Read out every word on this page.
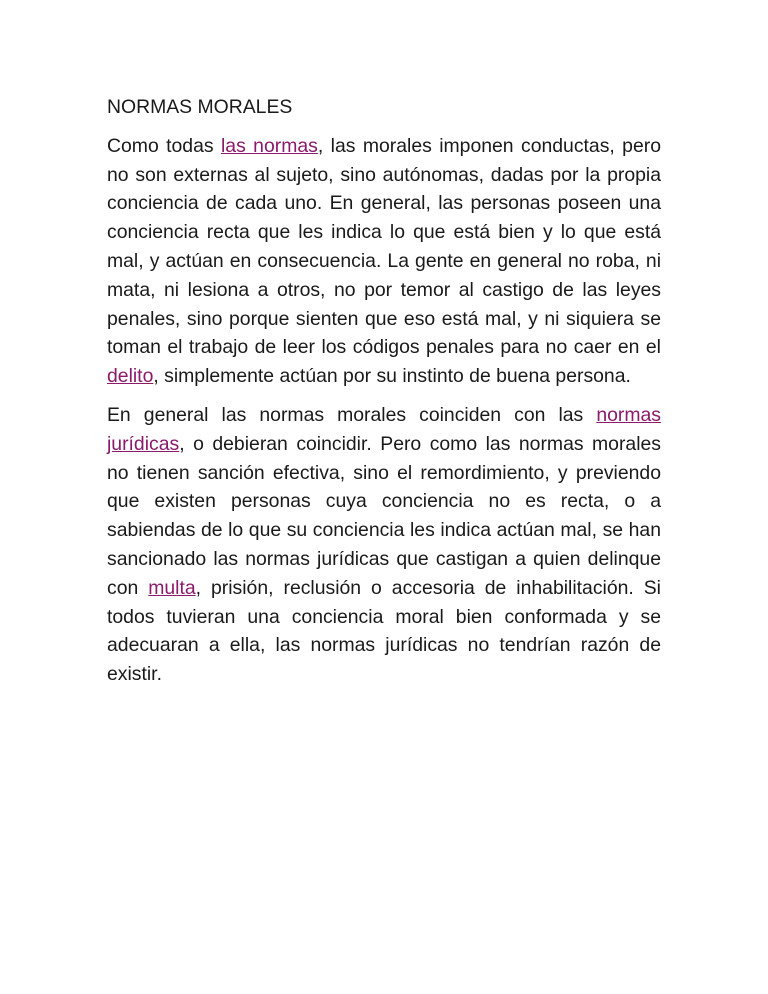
NORMAS MORALES

Como todas las normas, las morales imponen conductas, pero no son externas al sujeto, sino autónomas, dadas por la propia conciencia de cada uno. En general, las personas poseen una conciencia recta que les indica lo que está bien y lo que está mal, y actúan en consecuencia. La gente en general no roba, ni mata, ni lesiona a otros, no por temor al castigo de las leyes penales, sino porque sienten que eso está mal, y ni siquiera se toman el trabajo de leer los códigos penales para no caer en el delito, simplemente actúan por su instinto de buena persona.

En general las normas morales coinciden con las normas jurídicas, o debieran coincidir. Pero como las normas morales no tienen sanción efectiva, sino el remordimiento, y previendo que existen personas cuya conciencia no es recta, o a sabiendas de lo que su conciencia les indica actúan mal, se han sancionado las normas jurídicas que castigan a quien delinque con multa, prisión, reclusión o accesoria de inhabilitación. Si todos tuvieran una conciencia moral bien conformada y se adecuaran a ella, las normas jurídicas no tendrían razón de existir.
